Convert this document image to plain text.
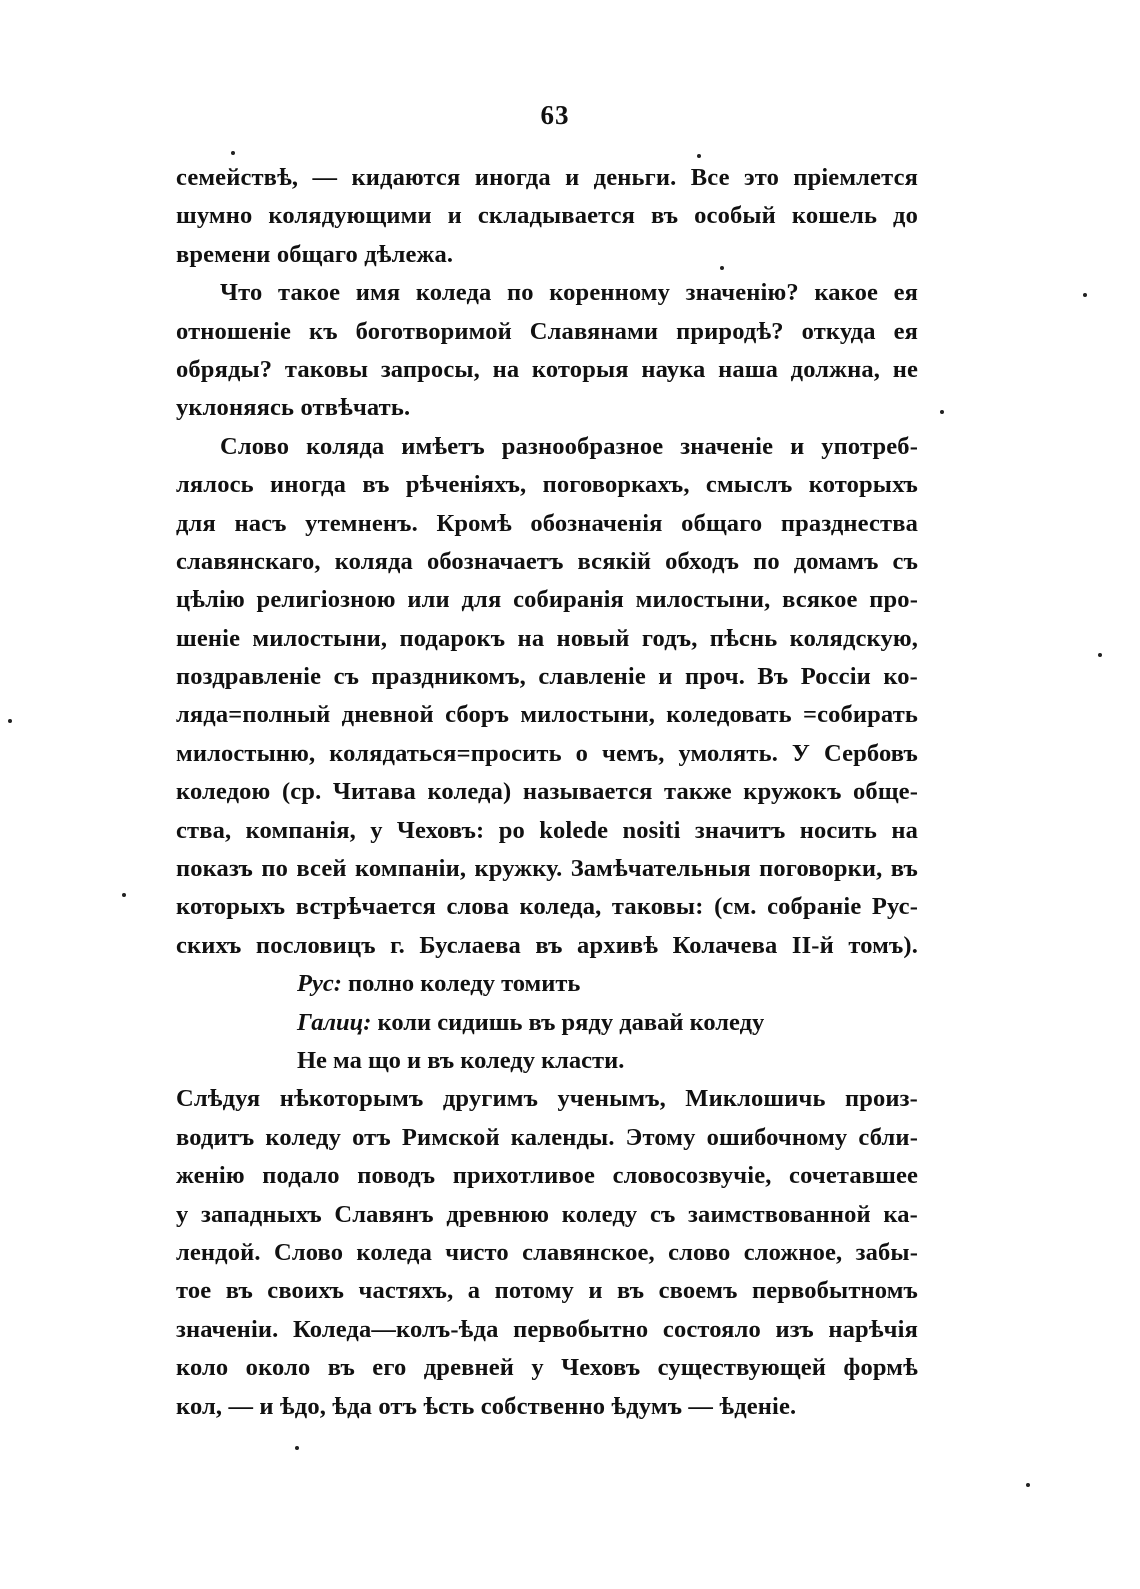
63
семействѣ, — кидаются иногда и деньги. Все это пріемлется
шумно колядующими и складывается въ особый кошель до
времени общаго дѣлежа.
Что такое имя коледа по коренному значенію? какое ея
отношеніе къ боготворимой Славянами природѣ? откуда ея
обряды? таковы запросы, на которыя наука наша должна, не
уклоняясь отвѣчать.
Слово коляда имѣетъ разнообразное значеніе и употреб-
лялось иногда въ рѣченіяхъ, поговоркахъ, смыслъ которыхъ
для насъ утемненъ. Кромѣ обозначенія общаго празднества
славянскаго, коляда обозначаетъ всякій обходъ по домамъ съ
цѣлію религіозною или для собиранія милостыни, всякое про-
шеніе милостыни, подарокъ на новый годъ, пѣснь колядскую,
поздравленіе съ праздникомъ, славленіе и проч. Въ Россіи ко-
ляда=полный дневной сборъ милостыни, коледовать =собирать
милостыню, колядаться=просить о чемъ, умолять. У Сербовъ
коледою (ср. Читава коледа) называется также кружокъ обще-
ства, компанія, у Чеховъ: po kolede nositi значитъ носить на
показъ по всей компаніи, кружку. Замѣчательныя поговорки, въ
которыхъ встрѣчается слова коледа, таковы: (см. собраніе Рус-
скихъ пословицъ г. Буслаева въ архивѣ Колачева II-й томъ).
Рус: полно коледу томить
Галиц: коли сидишь въ ряду давай коледу
Не ма що и въ коледу класти.
Слѣдуя нѣкоторымъ другимъ ученымъ, Миклошичь произ-
водитъ коледу отъ Римской календы. Этому ошибочному сбли-
женію подало поводъ прихотливое словосозвучіе, сочетавшее
у западныхъ Славянъ древнюю коледу съ заимствованной ка-
лендой. Слово коледа чисто славянское, слово сложное, забы-
тое въ своихъ частяхъ, а потому и въ своемъ первобытномъ
значеніи. Коледа—колъ-ѣда первобытно состояло изъ нарѣчія
коло около въ его древней у Чеховъ существующей формѣ
кол, — и ѣдо, ѣда отъ ѣсть собственно ѣдумъ — ѣденіе.
